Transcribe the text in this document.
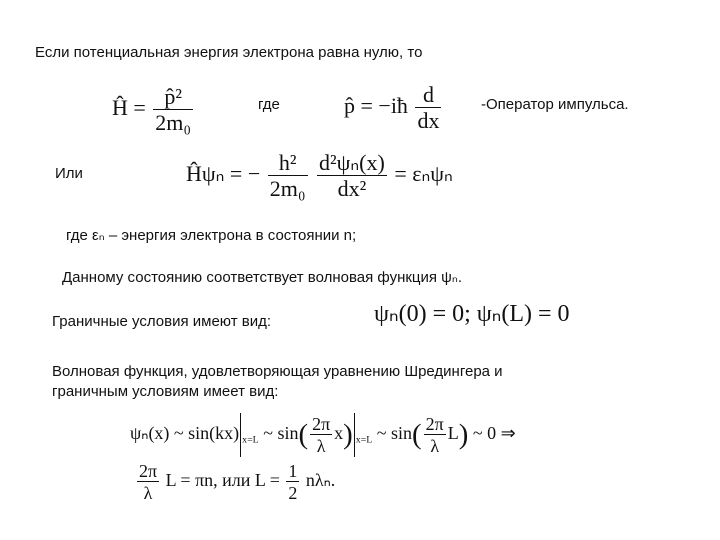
Если потенциальная энергия электрона равна нулю, то
Ĥ = $\frac{\text{p̂²}}{\text{2m₀}}$	где	p̂ = −iħ $\frac{d}{dx}$	-Оператор импульса.
Или	Ĥψₙ = − $\frac{\text{h²}}{\text{2m₀}}$
$\frac{\text{d²ψₙ(x)}}{\text{dx²}} = \varepsilon_n\psi_n$
где εₙ – энергия электрона в состоянии n;
Данному состоянию соответствует волновая функция ψₙ.
Граничные условия имеют вид:	ψₙ(0) = 0; ψₙ(L) = 0
Волновая функция, удовлетворяющая уравнению Шредингера и
граничным условиям имеет вид:
ψₙ(x) ~ sin(kx) $_{x=L}$ ~ $\sin( \frac{2\pi}{\lambda} x)$ $_{x=L}$ ~ $\sin( \frac{2\pi}{\lambda} L)$ ~ 0 ⇒
$\frac{2\pi}{\lambda}$ L = πn, или $L = \frac{1}{2} n\lambda_n$.
